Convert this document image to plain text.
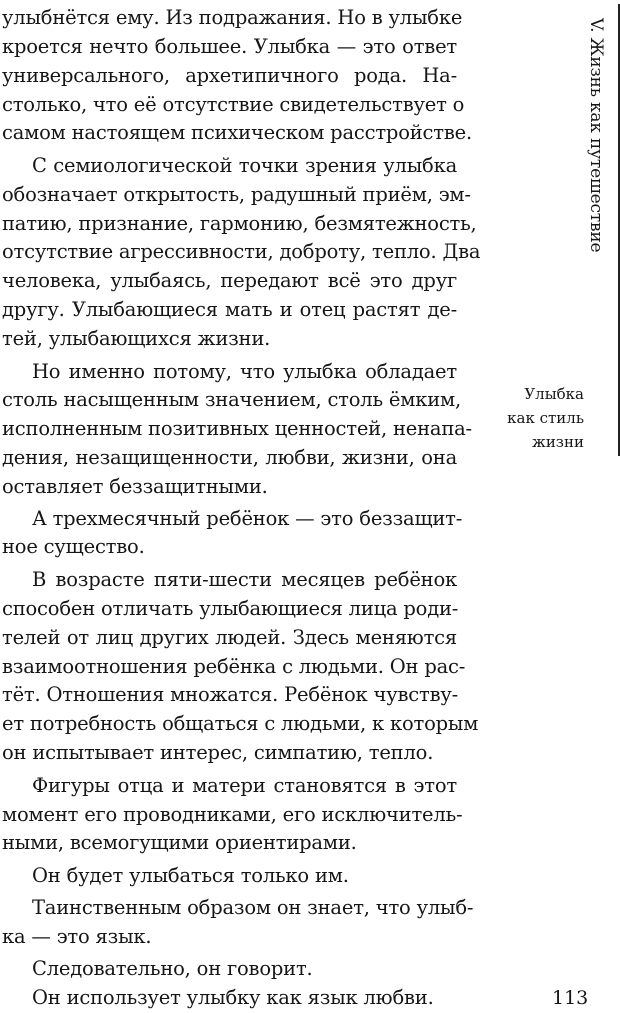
улыбнётся ему. Из подражания. Но в улыбке
кроется нечто большее. Улыбка — это ответ
универсального, архетипичного рода. На-
столько, что её отсутствие свидетельствует о
самом настоящем психическом расстройстве.
С семиологической точки зрения улыбка
обозначает открытость, радушный приём, эм-
патию, признание, гармонию, безмятежность,
отсутствие агрессивности, доброту, тепло. Два
человека, улыбаясь, передают всё это друг
другу. Улыбающиеся мать и отец растят де-
тей, улыбающихся жизни.
Но именно потому, что улыбка обладает
столь насыщенным значением, столь ёмким,
исполненным позитивных ценностей, ненапа-
дения, незащищенности, любви, жизни, она
оставляет беззащитными.
А трехмесячный ребёнок — это беззащит-
ное существо.
В возрасте пяти-шести месяцев ребёнок
способен отличать улыбающиеся лица роди-
телей от лиц других людей. Здесь меняются
взаимоотношения ребёнка с людьми. Он рас-
тёт. Отношения множатся. Ребёнок чувству-
ет потребность общаться с людьми, к которым
он испытывает интерес, симпатию, тепло.
Фигуры отца и матери становятся в этот
момент его проводниками, его исключитель-
ными, всемогущими ориентирами.
Он будет улыбаться только им.
Таинственным образом он знает, что улыб-
ка — это язык.
Следовательно, он говорит.
Он использует улыбку как язык любви.
V. Жизнь как путешествие
Улыбка
как стиль
жизни
113
